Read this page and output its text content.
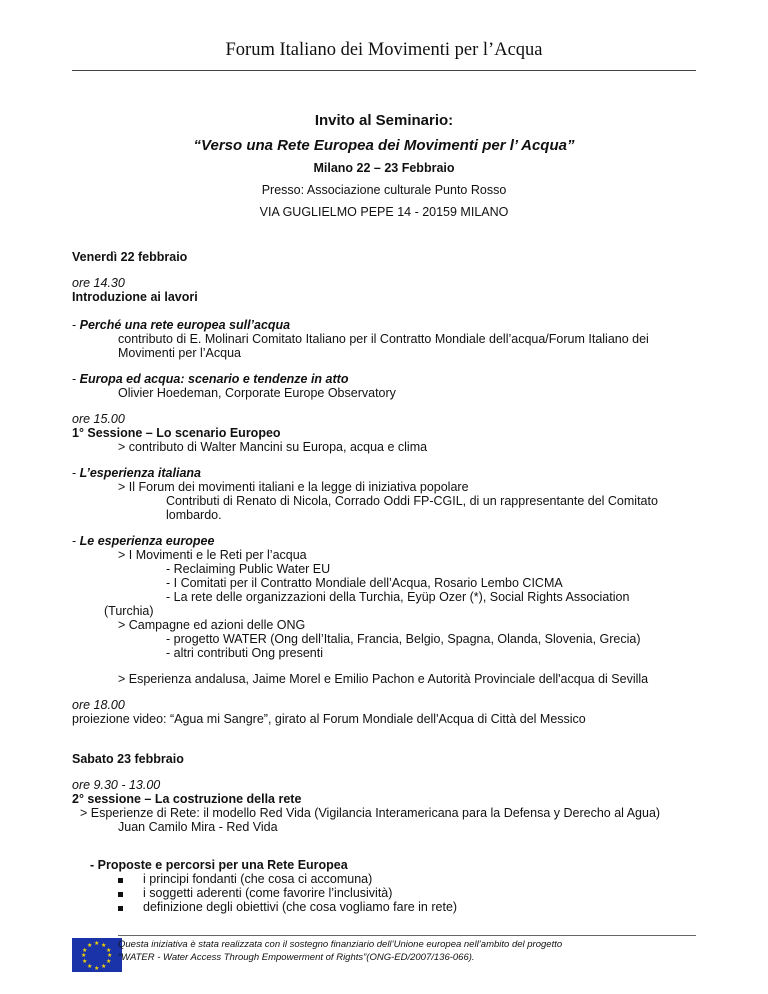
Forum Italiano dei Movimenti per l’Acqua
Invito al Seminario:
“Verso una Rete Europea dei Movimenti per l’ Acqua”
Milano 22 – 23 Febbraio
Presso: Associazione culturale Punto Rosso
VIA GUGLIELMO PEPE 14 - 20159 MILANO
Venerdì 22 febbraio
ore 14.30
Introduzione ai lavori
- Perché una rete europea sull’acqua
contributo di E. Molinari Comitato Italiano per il Contratto Mondiale dell’acqua/Forum Italiano dei
Movimenti per l’Acqua
- Europa ed acqua: scenario e tendenze in atto
Olivier Hoedeman, Corporate Europe Observatory
ore 15.00
1° Sessione – Lo scenario Europeo
> contributo di Walter Mancini su Europa, acqua e clima
- L’esperienza italiana
> Il Forum dei movimenti italiani e la legge di iniziativa popolare
Contributi di Renato di Nicola, Corrado Oddi FP-CGIL, di un rappresentante del Comitato
lombardo.
- Le esperienza europee
> I Movimenti e le Reti per l’acqua
- Reclaiming Public Water EU
- I Comitati per il Contratto Mondiale dell’Acqua, Rosario Lembo CICMA
- La rete delle organizzazioni della Turchia, Eyüp Ozer (*), Social Rights Association
(Turchia)
> Campagne ed azioni delle ONG
- progetto WATER (Ong dell’Italia, Francia, Belgio, Spagna, Olanda, Slovenia, Grecia)
- altri contributi Ong presenti
> Esperienza andalusa, Jaime Morel e Emilio Pachon e Autorità Provinciale dell'acqua di Sevilla
ore 18.00
proiezione video: “Agua mi Sangre”, girato al Forum Mondiale dell'Acqua di Città del Messico
Sabato 23 febbraio
ore 9.30 - 13.00
2° sessione – La costruzione della rete
> Esperienze di Rete: il modello Red Vida (Vigilancia Interamericana para la Defensa y Derecho al Agua)
Juan Camilo Mira - Red Vida
- Proposte e percorsi per una Rete Europea
i principi fondanti (che cosa ci accomuna)
i soggetti aderenti (come favorire l’inclusività)
definizione degli obiettivi (che cosa vogliamo fare in rete)
★ ★
★
★
★
★
★
★
★
★
★
★	Questa iniziativa è stata realizzata con il sostegno finanziario dell’Unione europea nell’ambito del progetto
“WATER - Water Access Through Empowerment of Rights”(ONG-ED/2007/136-066).
